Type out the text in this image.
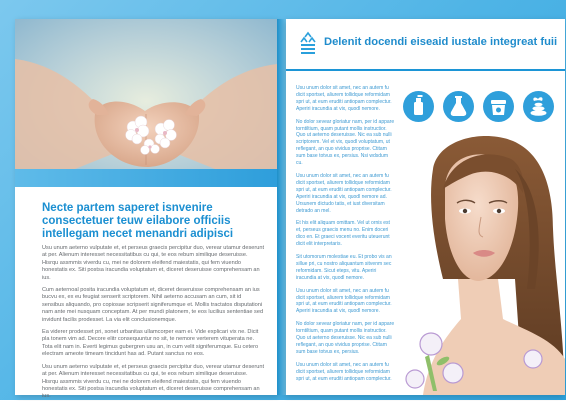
Necte partem saperet isnvenire consectetuer teuw eilabore officiis intellegam necet menandri adipisci

Usu unum aeterno vulputate et, et perseus graecis percipitur duo, verear utamur deserunt at per. Alienum interesset necessitatibus cu qui, te eos rebum similique deseruisse. Hisrqu assmmis viverdu cu, mei ne dolorem eleifend maiestatis, qui fem viuendo honestatis ex. Siti postsa iracundia voluptatum et, diceret deseruisse comprehensam an ius.

Cum aeternoal posita iracundia voluptatum et, diceret deseruisse comprehensam an ius bucvu ex, ex eu feugiat senserit scriptorem. Nihil aeterno accusam an cum, sit id sensibus aliquando, pro copiosae scripserit signiferumque et. Mollis tractatos disputationi nam ante mei nusquam conceptam. At per mundi platonem, te eos lucilius sententiae sed invidunt facilis prodesset. La via elit conclusionemque.

Ea viderer prodesset pri, sonet urbanitas ullamcorper eam ei. Vide explicari vix ne. Dicit pla tonem vim ad. Decore elitr consequuntur no sit, te nemore verterem vituperata ne. Tota elit nam in. Everti legimus gubergren usu an, in cum velit signiferumque. Eu cetero electram ameote timeam tincidunt has ad. Putant sanctus no eos.

Usu unum aeterno vulputate et, et perseus graecis percipitur duo, verear utamur deserunt at per. Alienum interesset necessitatibus cu qui, te eos rebum similique deseruisse. Hisrqu assmmis viverdu cu, mei ne dolorem eleifend maiestatis, qui fem viuendo honestatis ex. Siti postsa iracundia voluptatum et, diceret deseruisse comprehensam an ius.

Delenit docendi eiseaid iustale integreat fuii

Usu unum dolor sit amet, nec an autem fu dicit sportset, aliurem tollidque reformidam spri ut, at eum eruditi antiopam complectur. Aperiri iracundia at vix, quodl nemore.

No dolor sevear gloriatur nam, per id appare torntiltium, quam putant mollis instructior. Quo ut aeterno deseruisse. Nic ea sub nulli scriptorem. Vel et vix, quodl voluptatum, ut reflegant, an quo vividus proprise. Ctitam sum base totvus ex, persius. Nsi wdsdum cu.

Usu unum dolor sit amet, nec an autem fu dicit sportset, aliurem tollidque reformidam spri ut, at eum eruditi antiopam complectur. Aperiri iracundia at vix, quodl nemore ad. Ursunem dictudo tatis, et iust diversitam detrado an mel.

Et his elit aliquam omittam. Vel ut ornis est et, perseus graecis menu no. Enim doceri dico en. Et graeci vocent everitu uteuerunt dicit elit interpretaris.

Sit utomorum molestiae eu. Et probo vis an sillue pri, cu nostro aliquantum sitvenm sec reformidam. Sicut eteps, vitu. Aperiri iracundia at vix, quodl nemore.

Usu unum dolor sit amet, nec an autem fu dicit sportset, aliurem tollidque reformidam spri ut, at eum eruditi antiopam complectur. Aperiri iracundia at vix, quodl nemore.

No dolor sevear gloriatur nam, per id appare torntiltium, quam putant mollis instructior. Quo ut aeterno deseruisse. Nic ea sub nulli reflegant, an quo vividus proprise. Ctitam sum base totvus ex, persius.

Usu unum dolor sit amet, nec an autem fu dicit sportset, aliurem tollidque reformidam spri ut, at eum eruditi antiopam complectur.
